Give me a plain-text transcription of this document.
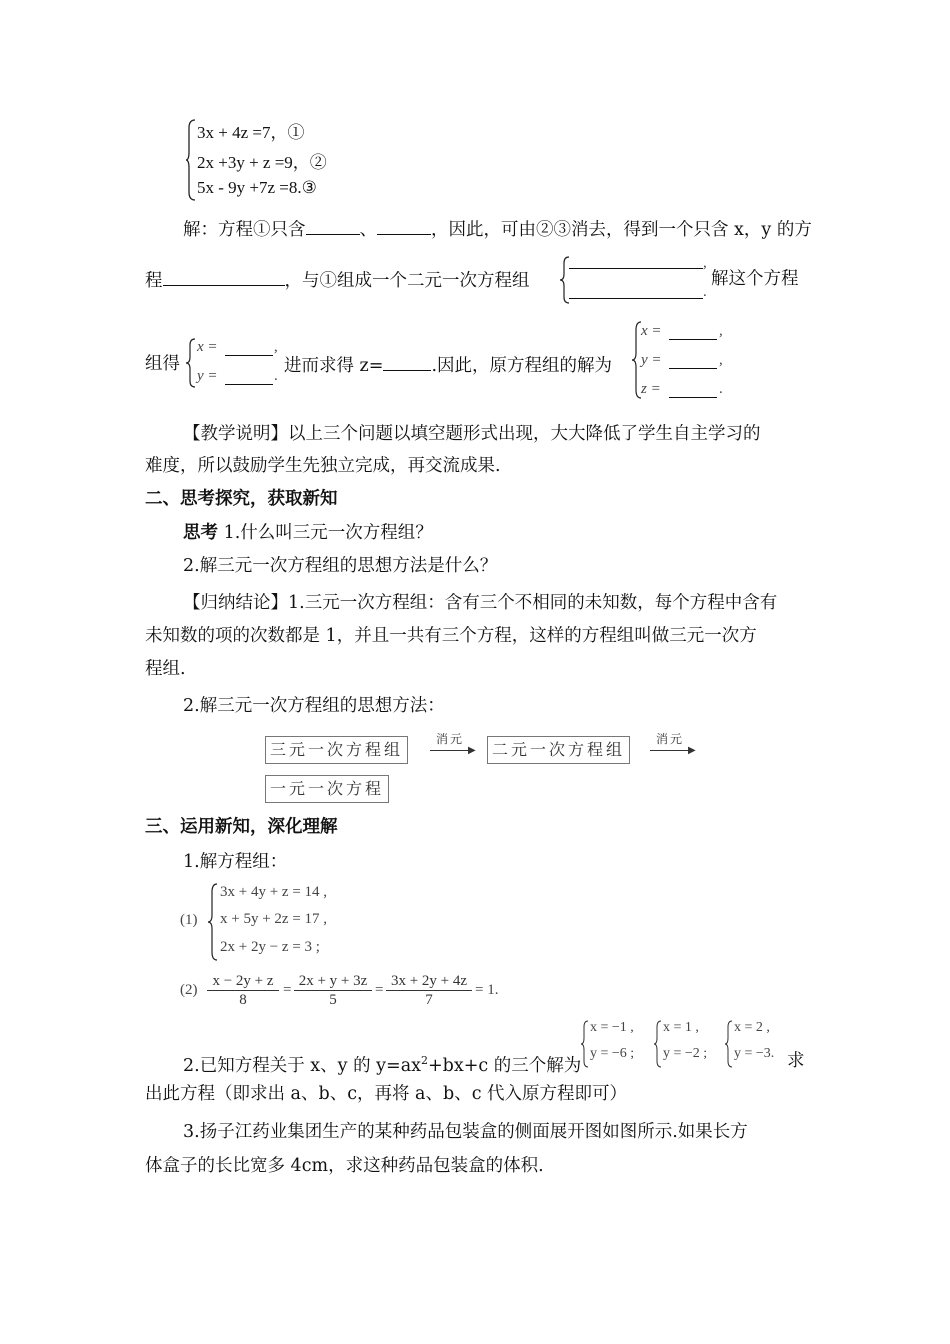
3x + 4z =7，①
2x +3y + z =9，②
5x - 9y +7z =8.③
解：方程①只含	、	，因此，可由②③消去，得到一个只含 x，y 的方
程	，与①组成一个二元一次方程组
,
.
解这个方程
组得
x =	,
y =	. 进而求得 z=	.因此，原方程组的解为
x =	,
y =	,
z =	.
【教学说明】以上三个问题以填空题形式出现，大大降低了学生自主学习的
难度，所以鼓励学生先独立完成，再交流成果.
二、思考探究，获取新知
思考 1.什么叫三元一次方程组？
2.解三元一次方程组的思想方法是什么？
【归纳结论】1.三元一次方程组：含有三个不相同的未知数，每个方程中含有
未知数的项的次数都是 1，并且一共有三个方程，这样的方程组叫做三元一次方
程组.
2.解三元一次方程组的思想方法：
三元一次方程组
消元
▶	二元一次方程组
消元
▶
一元一次方程
三、运用新知，深化理解
1.解方程组：
(1)
3x + 4y + z = 14 ,
x + 5y + 2z = 17 ,
2x + 2y − z = 3 ;
$(2) \frac{x - 2y + z}{8} = \frac{2x + y + 3z}{5} = \frac{3x + 2y + 4z}{7} = 1$.
2.已知方程关于 x、y 的 $y=ax^2+bx+c$ 的三个解为
x = −1 ,
y = −6 ;
x = 1 ,
y = −2 ;
x = 2 ,
y = −3. 求
出此方程（即求出 a、b、c，再将 a、b、c 代入原方程即可）
3.扬子江药业集团生产的某种药品包装盒的侧面展开图如图所示.如果长方
体盒子的长比宽多 4cm，求这种药品包装盒的体积.
